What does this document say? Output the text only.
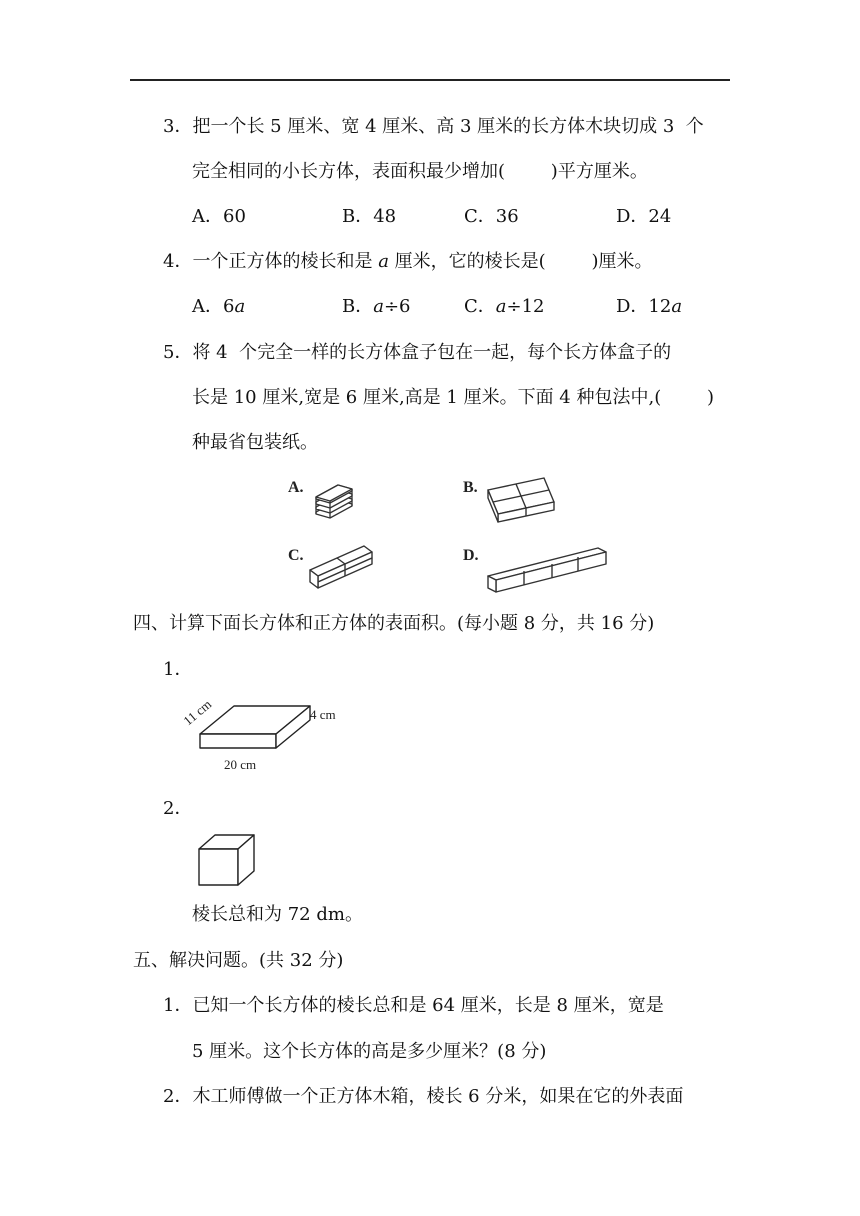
3．把一个长 5 厘米、宽 4 厘米、高 3 厘米的长方体木块切成 3  个
完全相同的小长方体，表面积最少增加(        )平方厘米。
A．60	B．48	C．36	D．24
4．一个正方体的棱长和是 a 厘米，它的棱长是(        )厘米。
A．6a	B．a÷6	C．a÷12	D．12a
5．将 4  个完全一样的长方体盒子包在一起，每个长方体盒子的
长是 10 厘米,宽是 6 厘米,高是 1 厘米。下面 4 种包法中,(        )
种最省包装纸。
A.	B.
C.	D.
四、计算下面长方体和正方体的表面积。(每小题 8 分，共 16 分)
1．
11 cm	4 cm
20 cm
2．
棱长总和为 72 dm。
五、解决问题。(共 32 分)
1．已知一个长方体的棱长总和是 64 厘米，长是 8 厘米，宽是
5 厘米。这个长方体的高是多少厘米？(8 分)
2．木工师傅做一个正方体木箱，棱长 6 分米，如果在它的外表面
